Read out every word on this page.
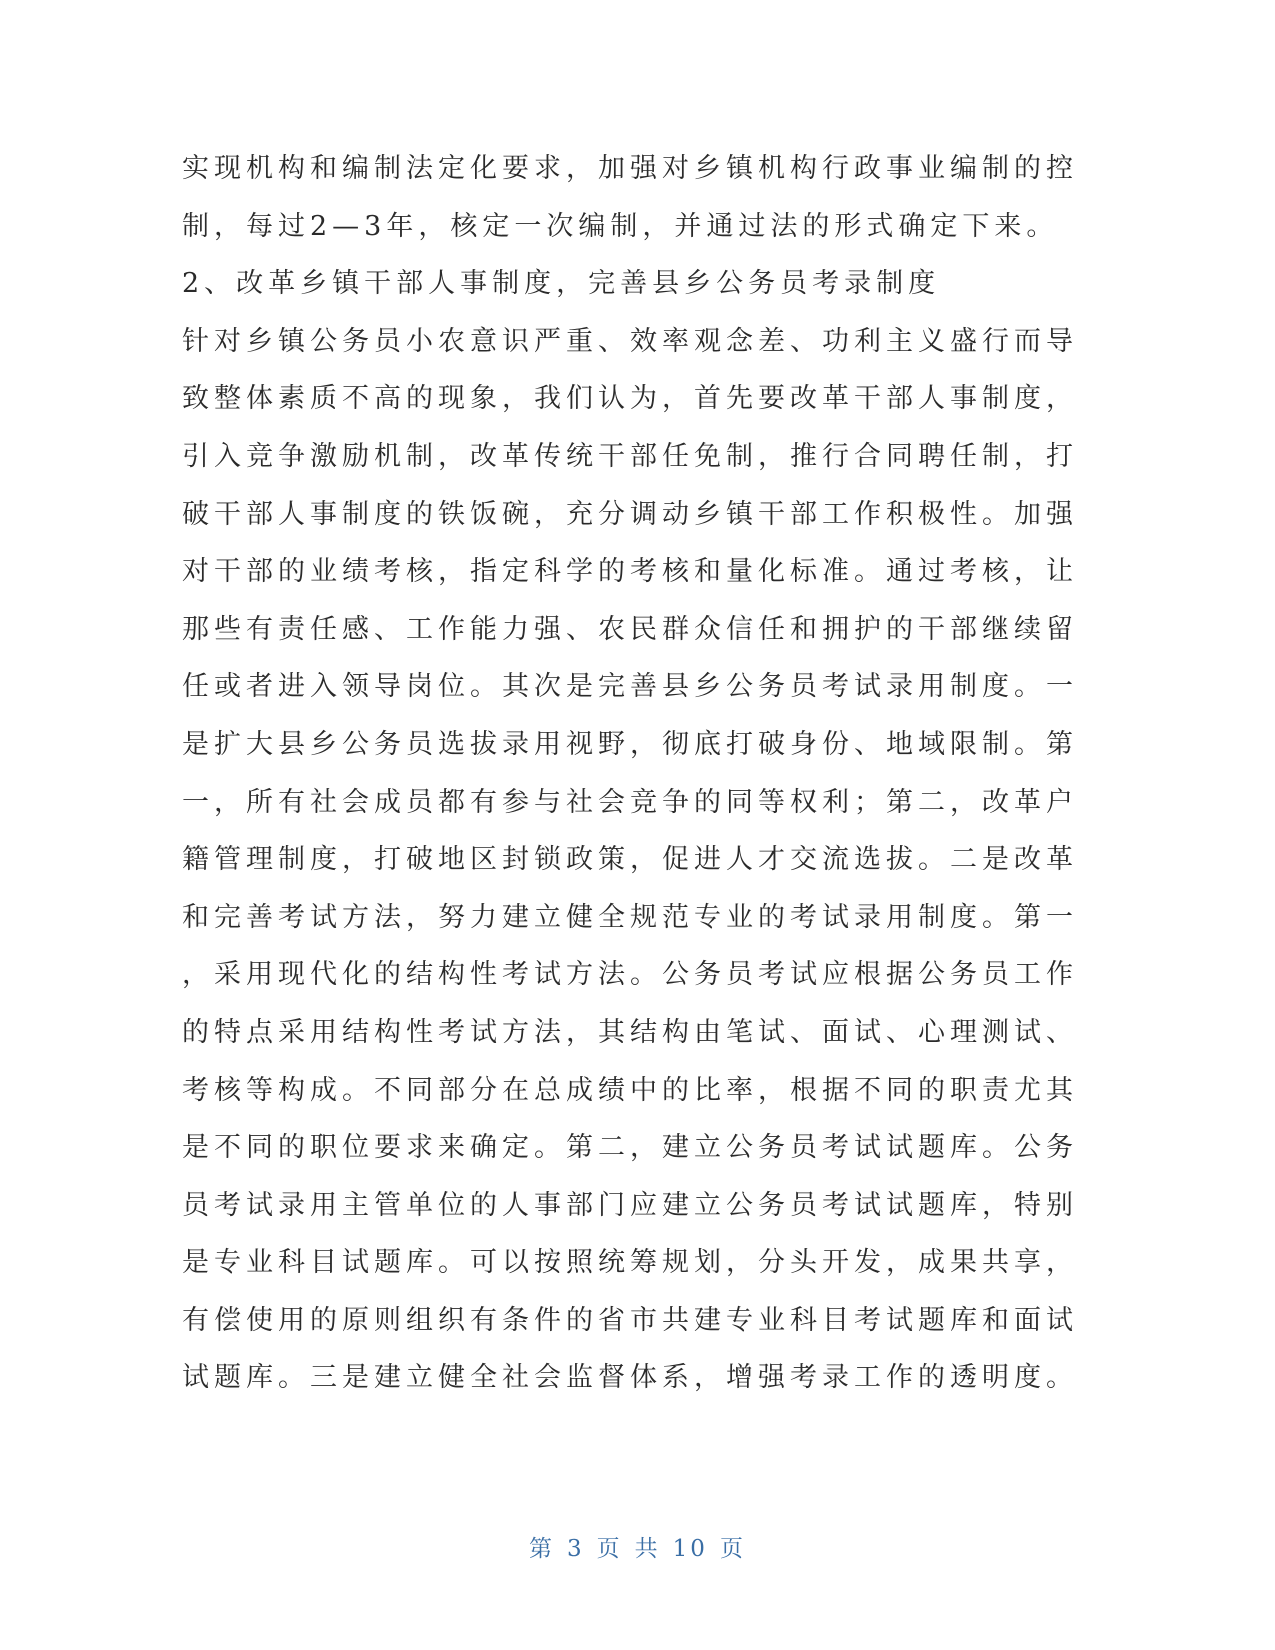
实现机构和编制法定化要求，加强对乡镇机构行政事业编制的控
制，每过2—3年，核定一次编制，并通过法的形式确定下来。
2、改革乡镇干部人事制度，完善县乡公务员考录制度
针对乡镇公务员小农意识严重、效率观念差、功利主义盛行而导
致整体素质不高的现象，我们认为，首先要改革干部人事制度，
引入竞争激励机制，改革传统干部任免制，推行合同聘任制，打
破干部人事制度的铁饭碗，充分调动乡镇干部工作积极性。加强
对干部的业绩考核，指定科学的考核和量化标准。通过考核，让
那些有责任感、工作能力强、农民群众信任和拥护的干部继续留
任或者进入领导岗位。其次是完善县乡公务员考试录用制度。一
是扩大县乡公务员选拔录用视野，彻底打破身份、地域限制。第
一，所有社会成员都有参与社会竞争的同等权利；第二，改革户
籍管理制度，打破地区封锁政策，促进人才交流选拔。二是改革
和完善考试方法，努力建立健全规范专业的考试录用制度。第一
，采用现代化的结构性考试方法。公务员考试应根据公务员工作
的特点采用结构性考试方法，其结构由笔试、面试、心理测试、
考核等构成。不同部分在总成绩中的比率，根据不同的职责尤其
是不同的职位要求来确定。第二，建立公务员考试试题库。公务
员考试录用主管单位的人事部门应建立公务员考试试题库，特别
是专业科目试题库。可以按照统筹规划，分头开发，成果共享，
有偿使用的原则组织有条件的省市共建专业科目考试题库和面试
试题库。三是建立健全社会监督体系，增强考录工作的透明度。
第 3 页 共 10 页
